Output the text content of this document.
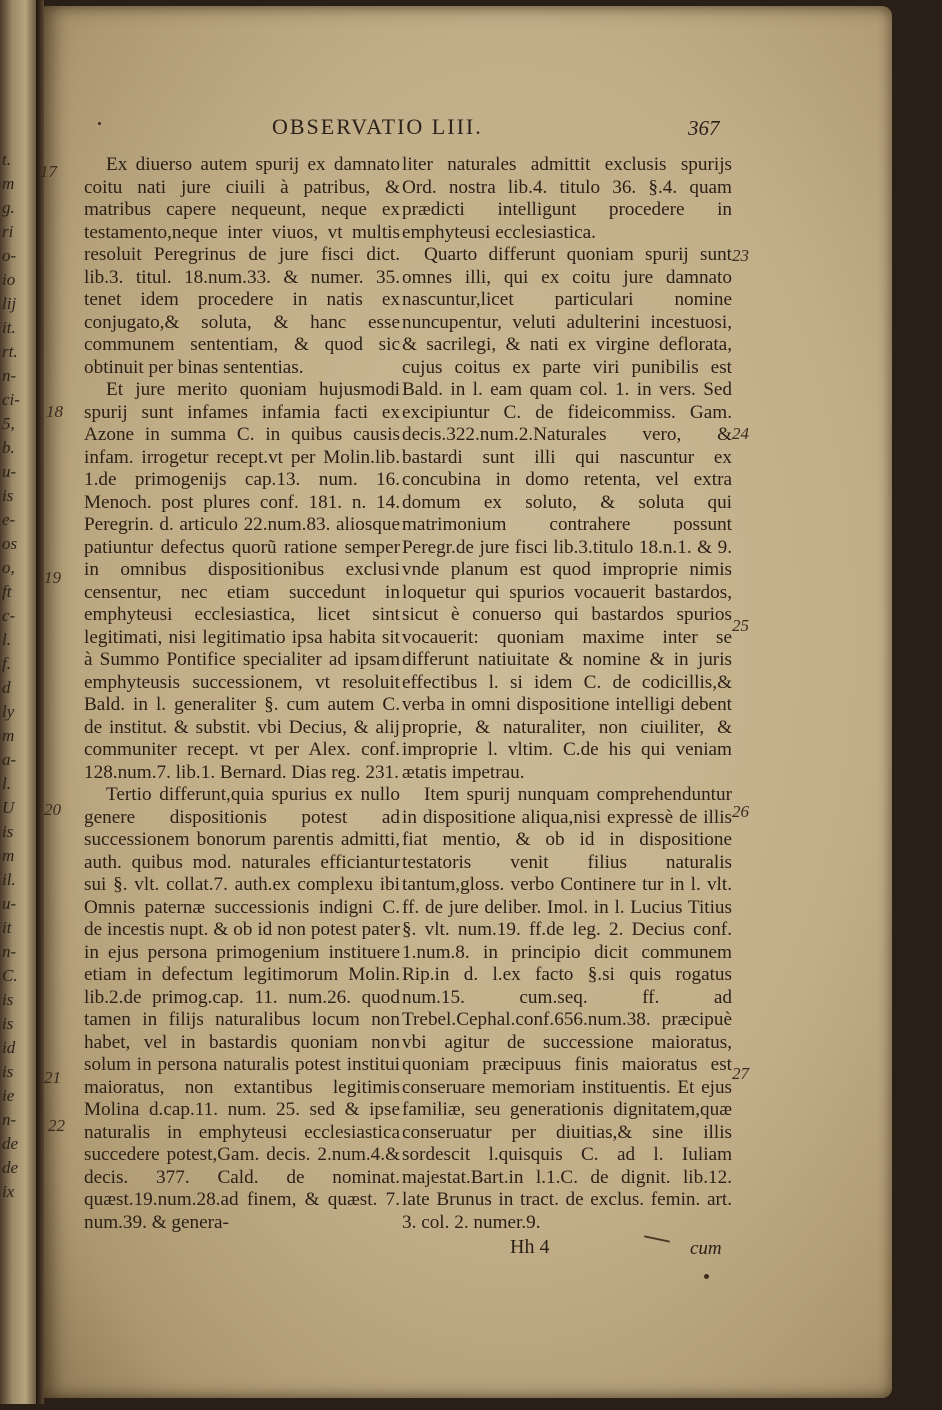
t.
m
g.
ri
o-
io
lij
it.
rt.
n-
ci-
5,
b.
u-
is
e-
os
o,
ft
c-
l.
f.
d
ly
m
a-
l.
U
is
m
il.
u-
it
n-
C.
is
is
id
is
ie
n-
de
de
ix
OBSERVATIO LIII.	367

Ex diuerso autem spurij ex damnato coitu nati jure ciuili à patribus, & matribus capere nequeunt, neque ex testamento,neque inter viuos, vt multis resoluit Peregrinus de jure fisci dict. lib.3. titul. 18.num.33. & numer. 35. tenet idem procedere in natis ex conjugato,& soluta, & hanc esse communem sententiam, & quod sic obtinuit per binas sententias.

Et jure merito quoniam hujusmodi spurij sunt infames infamia facti ex Azone in summa C. in quibus causis infam. irrogetur recept.vt per Molin.lib. 1.de primogenijs cap.13. num. 16. Menoch. post plures conf. 181. n. 14. Peregrin. d. articulo 22.num.83. aliosque patiuntur defectus quorũ ratione semper in omnibus dispositionibus exclusi censentur, nec etiam succedunt in emphyteusi ecclesiastica, licet sint legitimati, nisi legitimatio ipsa habita sit à Summo Pontifice specialiter ad ipsam emphyteusis successionem, vt resoluit Bald. in l. generaliter §. cum autem C. de institut. & substit. vbi Decius, & alij communiter recept. vt per Alex. conf. 128.num.7. lib.1. Bernard. Dias reg. 231.

Tertio differunt,quia spurius ex nullo genere dispositionis potest ad successionem bonorum parentis admitti, auth. quibus mod. naturales efficiantur sui §. vlt. collat.7. auth.ex complexu ibi Omnis paternæ successionis indigni C. de incestis nupt. & ob id non potest pater in ejus persona primogenium instituere etiam in defectum legitimorum Molin. lib.2.de primog.cap. 11. num.26. quod tamen in filijs naturalibus locum non habet, vel in bastardis quoniam non solum in persona naturalis potest institui maioratus, non extantibus legitimis Molina d.cap.11. num. 25. sed & ipse naturalis in emphyteusi ecclesiastica succedere potest,Gam. decis. 2.num.4.& decis. 377. Cald. de nominat. quæst.19.num.28.ad finem, & quæst. 7. num.39. & genera-

liter naturales admittit exclusis spurijs Ord. nostra lib.4. titulo 36. §.4. quam prædicti intelligunt procedere in emphyteusi ecclesiastica.

Quarto differunt quoniam spurij sunt omnes illi, qui ex coitu jure damnato nascuntur,licet particulari nomine nuncupentur, veluti adulterini incestuosi, & sacrilegi, & nati ex virgine deflorata, cujus coitus ex parte viri punibilis est Bald. in l. eam quam col. 1. in vers. Sed excipiuntur C. de fideicommiss. Gam. decis.322.num.2.Naturales vero, & bastardi sunt illi qui nascuntur ex concubina in domo retenta, vel extra domum ex soluto, & soluta qui matrimonium contrahere possunt Peregr.de jure fisci lib.3.titulo 18.n.1. & 9. vnde planum est quod improprie nimis loquetur qui spurios vocauerit bastardos, sicut è conuerso qui bastardos spurios vocauerit: quoniam maxime inter se differunt natiuitate & nomine & in juris effectibus l. si idem C. de codicillis,& verba in omni dispositione intelligi debent proprie, & naturaliter, non ciuiliter, & improprie l. vltim. C.de his qui veniam ætatis impetrau.

Item spurij nunquam comprehenduntur in dispositione aliqua,nisi expressè de illis fiat mentio, & ob id in dispositione testatoris venit filius naturalis tantum,gloss. verbo Continere tur in l. vlt. ff. de jure deliber. Imol. in l. Lucius Titius §. vlt. num.19. ff.de leg. 2. Decius conf. 1.num.8. in principio dicit communem Rip.in d. l.ex facto §.si quis rogatus num.15. cum.seq. ff. ad Trebel.Cephal.conf.656.num.38. præcipuè vbi agitur de successione maioratus, quoniam præcipuus finis maioratus est conseruare memoriam instituentis. Et ejus familiæ, seu generationis dignitatem,quæ conseruatur per diuitias,& sine illis sordescit l.quisquis C. ad l. Iuliam majestat.Bart.in l.1.C. de dignit. lib.12. late Brunus in tract. de exclus. femin. art. 3. col. 2. numer.9.

17
18
19
20
21
22
23
24
25
26
27
Hh 4	cum
